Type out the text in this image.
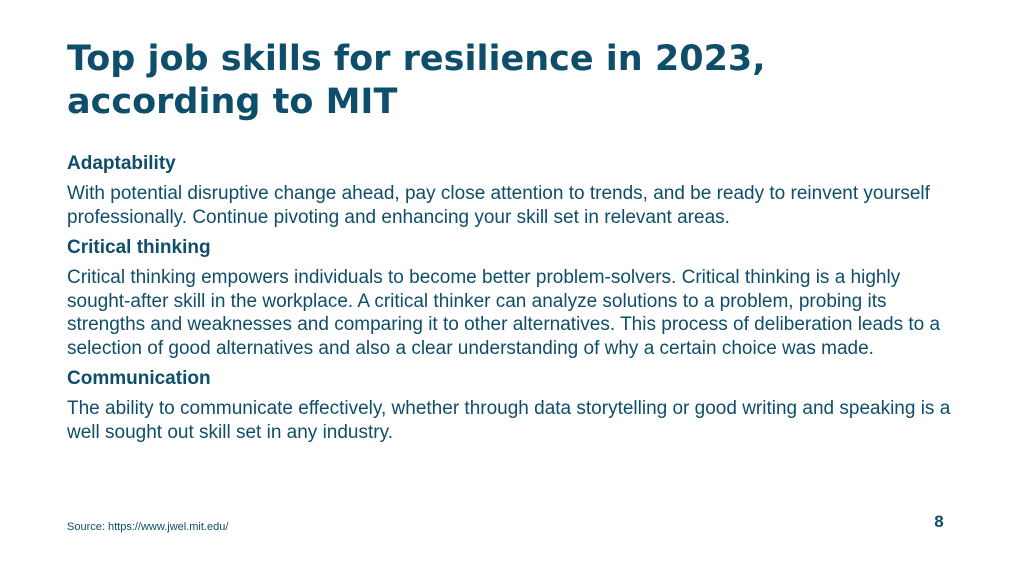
Top job skills for resilience in 2023, according to MIT
Adaptability
With potential disruptive change ahead, pay close attention to trends, and be ready to reinvent yourself professionally. Continue pivoting and enhancing your skill set in relevant areas.
Critical thinking
Critical thinking empowers individuals to become better problem-solvers. Critical thinking is a highly sought-after skill in the workplace. A critical thinker can analyze solutions to a problem, probing its strengths and weaknesses and comparing it to other alternatives. This process of deliberation leads to a selection of good alternatives and also a clear understanding of why a certain choice was made.
Communication
The ability to communicate effectively, whether through data storytelling or good writing and speaking is a well sought out skill set in any industry.
Source: https://www.jwel.mit.edu/	8
